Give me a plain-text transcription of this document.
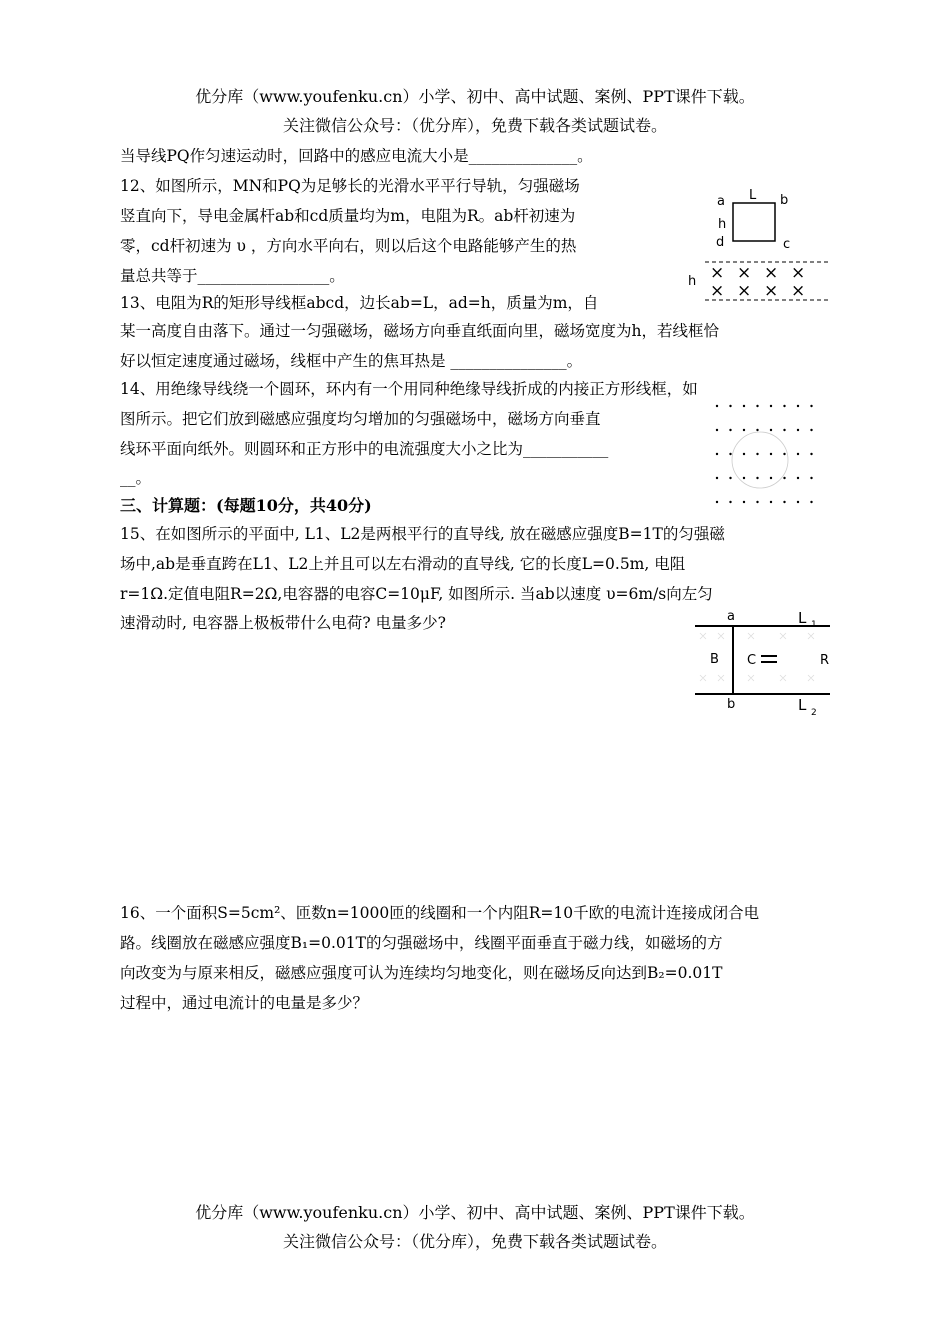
优分库（www.youfenku.cn）小学、初中、高中试题、案例、PPT课件下载。
关注微信公众号：（优分库），免费下载各类试题试卷。
当导线PQ作匀速运动时，回路中的感应电流大小是______________。
12、如图所示，MN和PQ为足够长的光滑水平平行导轨，匀强磁场
竖直向下，导电金属杆ab和cd质量均为m，电阻为R。ab杆初速为
零，cd杆初速为 υ ，方向水平向右，则以后这个电路能够产生的热
量总共等于_________________。
13、电阻为R的矩形导线框abcd，边长ab=L，ad=h，质量为m，自
某一高度自由落下。通过一匀强磁场，磁场方向垂直纸面向里，磁场宽度为h，若线框恰
好以恒定速度通过磁场，线框中产生的焦耳热是 _______________。
14、用绝缘导线绕一个圆环，环内有一个用同种绝缘导线折成的内接正方形线框，如
图所示。把它们放到磁感应强度均匀增加的匀强磁场中，磁场方向垂直
线环平面向纸外。则圆环和正方形中的电流强度大小之比为___________
__。
三、计算题：(每题10分，共40分)
15、在如图所示的平面中, L1、L2是两根平行的直导线, 放在磁感应强度B=1T的匀强磁
场中,ab是垂直跨在L1、L2上并且可以左右滑动的直导线, 它的长度L=0.5m, 电阻
r=1Ω.定值电阻R=2Ω,电容器的电容C=10μF, 如图所示. 当ab以速度 υ=6m/s向左匀
速滑动时, 电容器上极板带什么电荷? 电量多少?
16、一个面积S=5cm²、匝数n=1000匝的线圈和一个内阻R=10千欧的电流计连接成闭合电
路。线圈放在磁感应强度B₁=0.01T的匀强磁场中，线圈平面垂直于磁力线，如磁场的方
向改变为与原来相反，磁感应强度可认为连续均匀地变化，则在磁场反向达到B₂=0.01T
过程中，通过电流计的电量是多少？
a L b
h
d	c
h × × × ×
× × × ×
a
b
L 1
L 2
B C	R
优分库（www.youfenku.cn）小学、初中、高中试题、案例、PPT课件下载。
关注微信公众号：（优分库），免费下载各类试题试卷。
